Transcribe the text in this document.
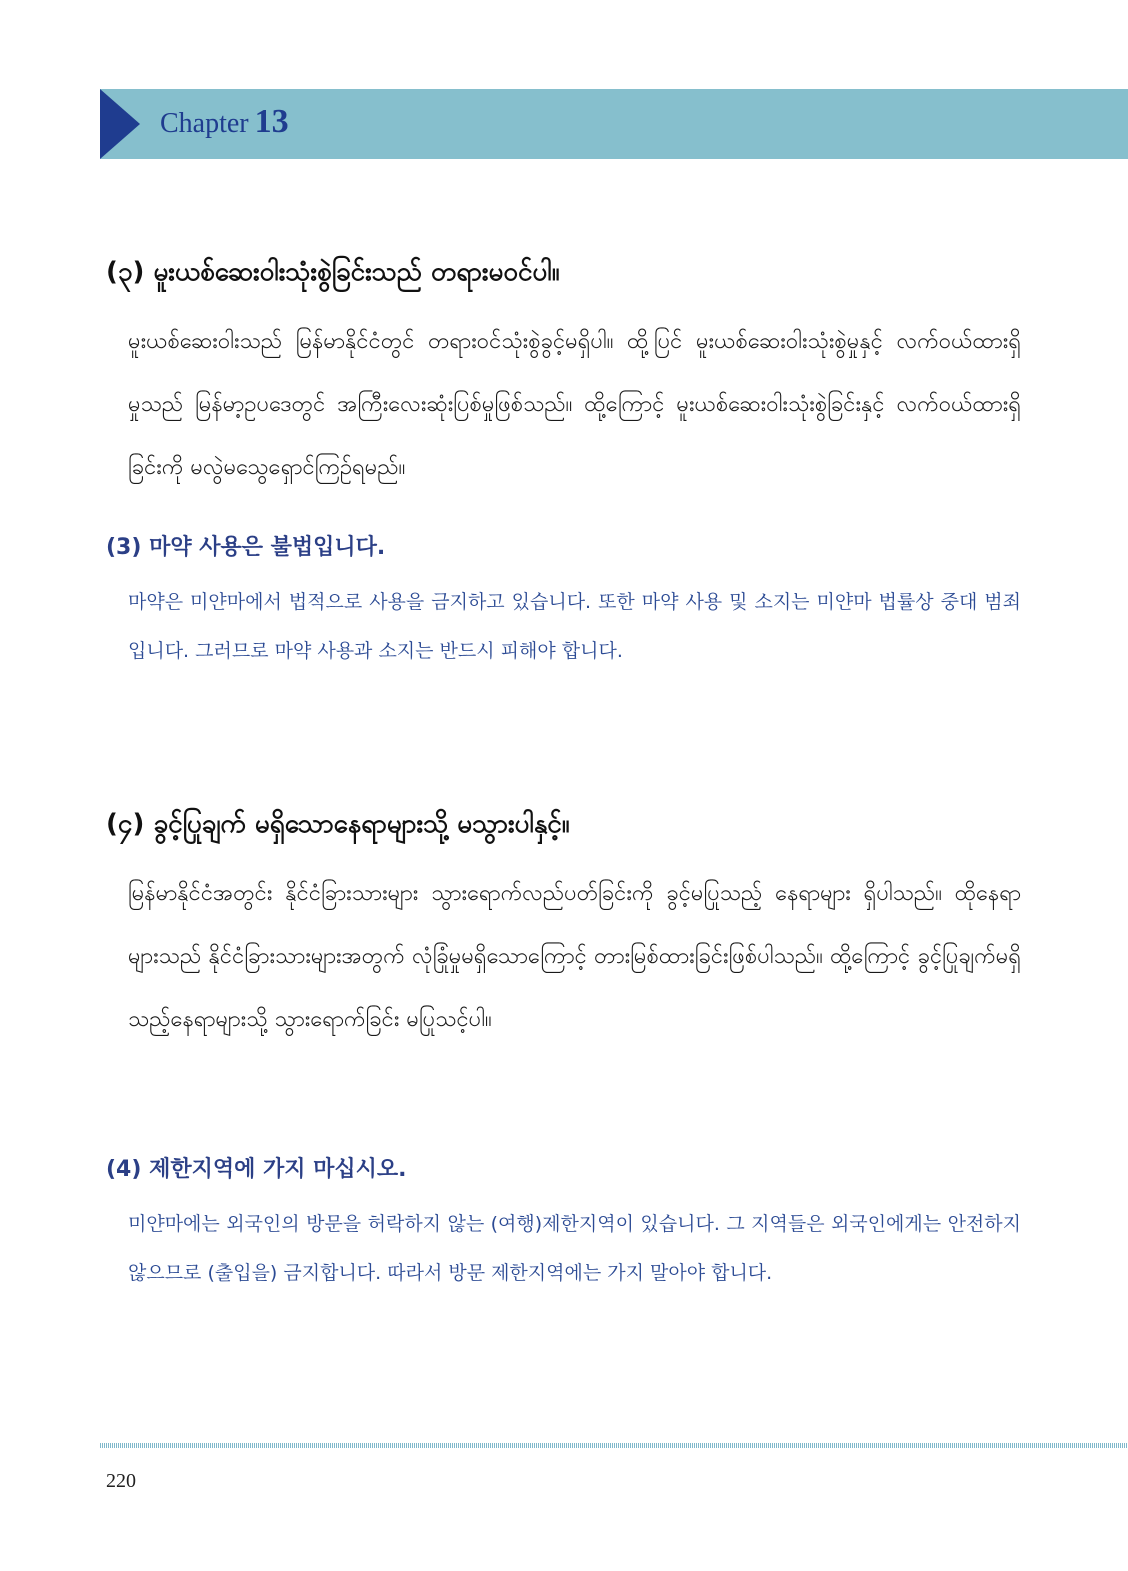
Chapter 13
(၃) မူးယစ်ဆေးဝါးသုံးစွဲခြင်းသည် တရားမဝင်ပါ။

မူးယစ်ဆေးဝါးသည် မြန်မာနိုင်ငံတွင် တရားဝင်သုံးစွဲခွင့်မရှိပါ။ ထို့ပြင် မူးယစ်ဆေးဝါးသုံးစွဲမှုနှင့် လက်ဝယ်ထားရှိမှုသည် မြန်မာ့ဥပဒေတွင် အကြီးလေးဆုံးပြစ်မှုဖြစ်သည်။ ထို့ကြောင့် မူးယစ်ဆေးဝါးသုံးစွဲခြင်းနှင့် လက်ဝယ်ထားရှိခြင်းကို မလွဲမသွေရှောင်ကြဉ်ရမည်။

(3) 마약 사용은 불법입니다.

마약은 미얀마에서 법적으로 사용을 금지하고 있습니다. 또한 마약 사용 및 소지는 미얀마 법률상 중대 범죄입니다. 그러므로 마약 사용과 소지는 반드시 피해야 합니다.

(၄) ခွင့်ပြုချက် မရှိသောနေရာများသို့ မသွားပါနှင့်။

မြန်မာနိုင်ငံအတွင်း နိုင်ငံခြားသားများ သွားရောက်လည်ပတ်ခြင်းကို ခွင့်မပြုသည့် နေရာများ ရှိပါသည်။ ထိုနေရာများသည် နိုင်ငံခြားသားများအတွက် လုံခြုံမှုမရှိသောကြောင့် တားမြစ်ထားခြင်းဖြစ်ပါသည်။ ထို့ကြောင့် ခွင့်ပြုချက်မရှိသည့်နေရာများသို့ သွားရောက်ခြင်း မပြုသင့်ပါ။

(4) 제한지역에 가지 마십시오.

미얀마에는 외국인의 방문을 허락하지 않는 (여행)제한지역이 있습니다. 그 지역들은 외국인에게는 안전하지 않으므로 (출입을) 금지합니다. 따라서 방문 제한지역에는 가지 말아야 합니다.

220
